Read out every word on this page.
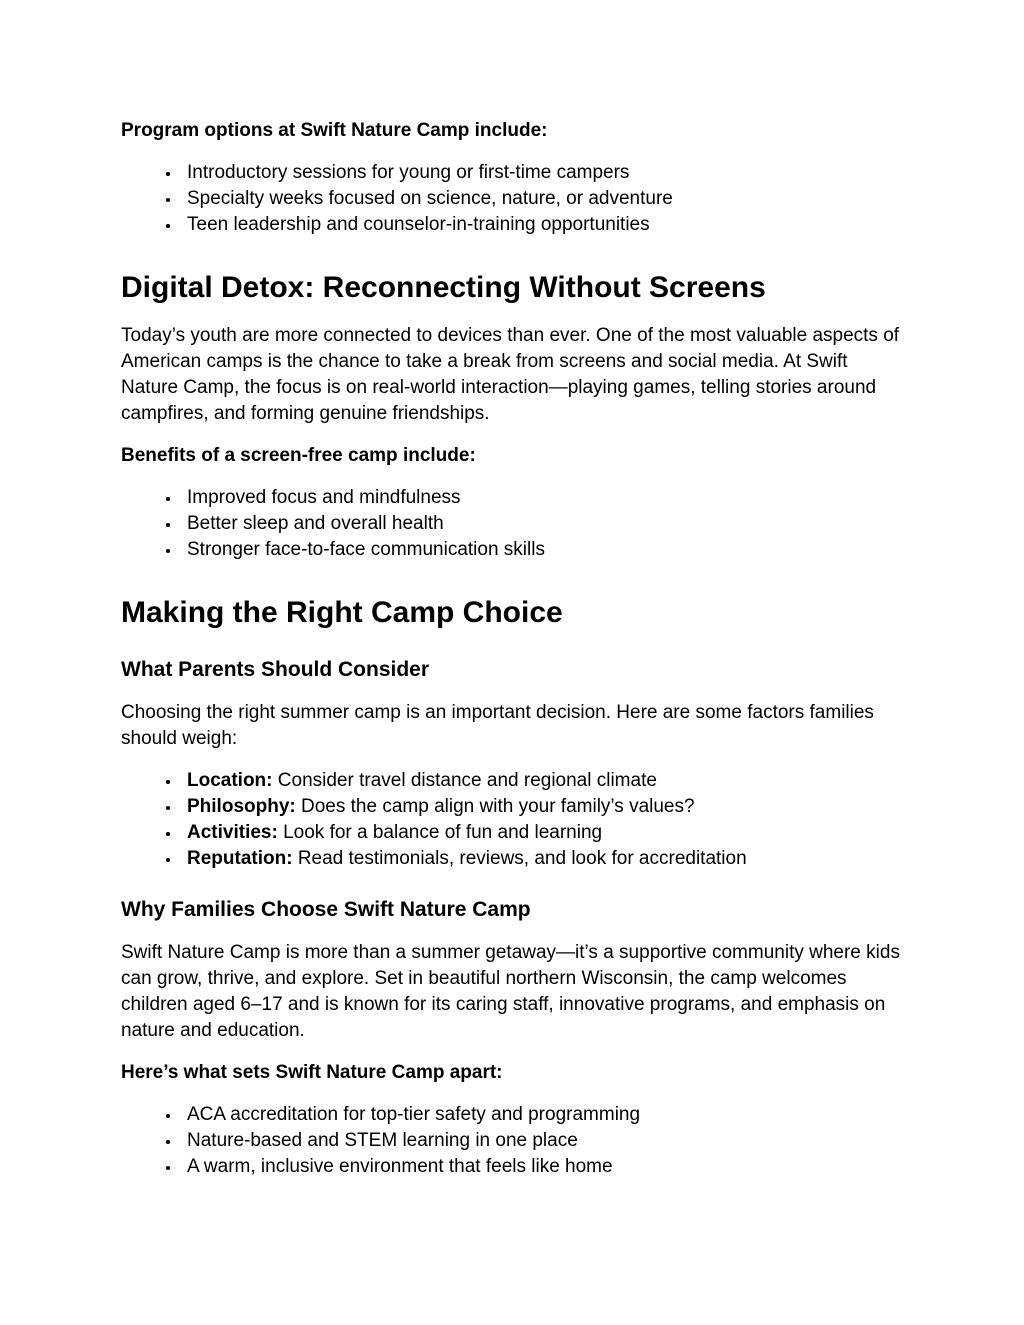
Program options at Swift Nature Camp include:

• Introductory sessions for young or first-time campers
• Specialty weeks focused on science, nature, or adventure
• Teen leadership and counselor-in-training opportunities
Digital Detox: Reconnecting Without Screens

Today’s youth are more connected to devices than ever. One of the most valuable aspects of American camps is the chance to take a break from screens and social media. At Swift Nature Camp, the focus is on real-world interaction—playing games, telling stories around campfires, and forming genuine friendships.

Benefits of a screen-free camp include:

• Improved focus and mindfulness
• Better sleep and overall health
• Stronger face-to-face communication skills
Making the Right Camp Choice
What Parents Should Consider

Choosing the right summer camp is an important decision. Here are some factors families should weigh:

• Location: Consider travel distance and regional climate
• Philosophy: Does the camp align with your family’s values?
• Activities: Look for a balance of fun and learning
• Reputation: Read testimonials, reviews, and look for accreditation
Why Families Choose Swift Nature Camp

Swift Nature Camp is more than a summer getaway—it’s a supportive community where kids can grow, thrive, and explore. Set in beautiful northern Wisconsin, the camp welcomes children aged 6–17 and is known for its caring staff, innovative programs, and emphasis on nature and education.

Here’s what sets Swift Nature Camp apart:

• ACA accreditation for top-tier safety and programming
• Nature-based and STEM learning in one place
• A warm, inclusive environment that feels like home
